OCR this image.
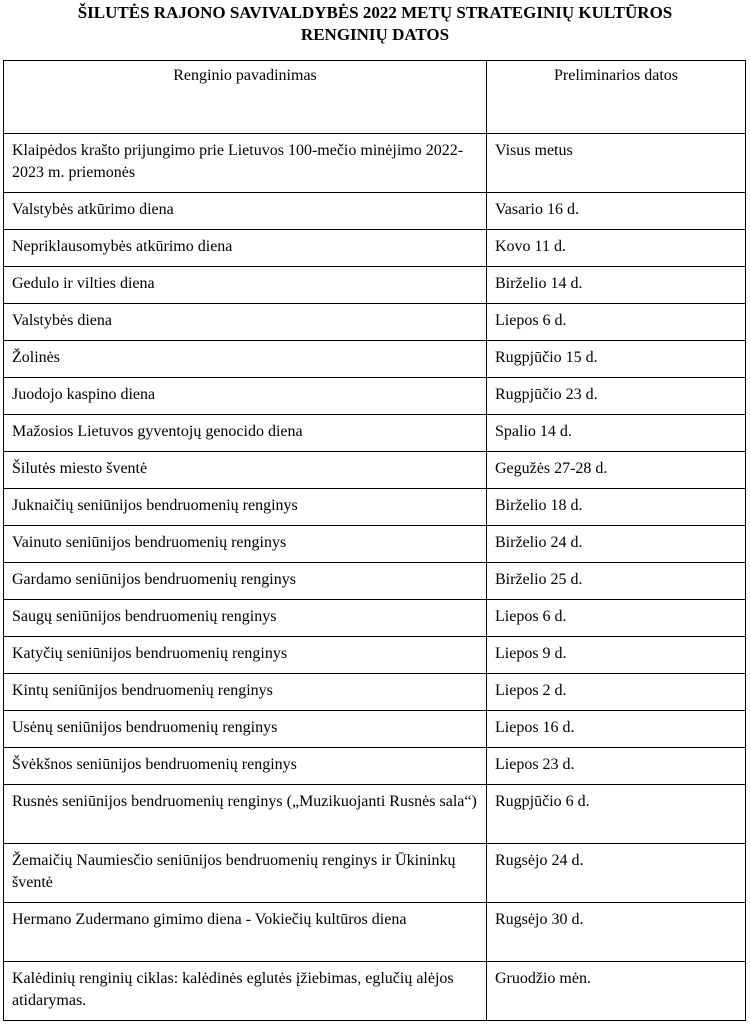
ŠILUTĖS RAJONO SAVIVALDYBĖS 2022 METŲ STRATEGINIŲ KULTŪROS
RENGINIŲ DATOS
Renginio pavadinimas	Preliminarios datos
Klaipėdos krašto prijungimo prie Lietuvos 100-mečio minėjimo 2022-2023 m. priemonės	Visus metus
Valstybės atkūrimo diena	Vasario 16 d.
Nepriklausomybės atkūrimo diena	Kovo 11 d.
Gedulo ir vilties diena	Birželio 14 d.
Valstybės diena	Liepos 6 d.
Žolinės	Rugpjūčio 15 d.
Juodojo kaspino diena	Rugpjūčio 23 d.
Mažosios Lietuvos gyventojų genocido diena	Spalio 14 d.
Šilutės miesto šventė	Gegužės 27-28 d.
Juknaičių seniūnijos bendruomenių renginys	Birželio 18 d.
Vainuto seniūnijos bendruomenių renginys	Birželio 24 d.
Gardamo seniūnijos bendruomenių renginys	Birželio 25 d.
Saugų seniūnijos bendruomenių renginys	Liepos 6 d.
Katyčių seniūnijos bendruomenių renginys	Liepos 9 d.
Kintų seniūnijos bendruomenių renginys	Liepos 2 d.
Usėnų seniūnijos bendruomenių renginys	Liepos 16 d.
Švėkšnos seniūnijos bendruomenių renginys	Liepos 23 d.
Rusnės seniūnijos bendruomenių renginys („Muzikuojanti Rusnės sala“)	Rugpjūčio 6 d.
Žemaičių Naumiesčio seniūnijos bendruomenių renginys ir Ūkininkų šventė	Rugsėjo 24 d.
Hermano Zudermano gimimo diena - Vokiečių kultūros diena	Rugsėjo 30 d.
Kalėdinių renginių ciklas: kalėdinės eglutės įžiebimas, eglučių alėjos atidarymas.	Gruodžio mėn.
